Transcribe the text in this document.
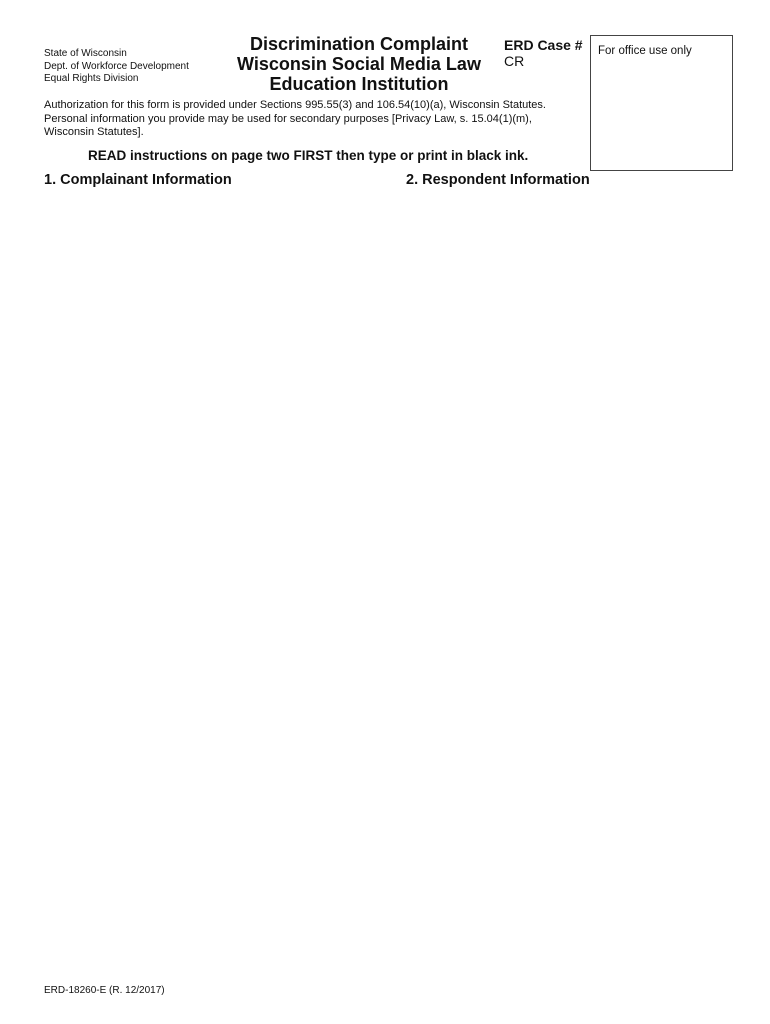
State of Wisconsin
Dept. of Workforce Development
Equal Rights Division
Discrimination Complaint
Wisconsin Social Media Law
Education Institution
ERD Case #
CR
For office use only
Authorization for this form is provided under Sections 995.55(3) and 106.54(10)(a), Wisconsin Statutes.
Personal information you provide may be used for secondary purposes [Privacy Law, s. 15.04(1)(m),
Wisconsin Statutes].
READ instructions on page two FIRST then type or print in black ink.
1. Complainant Information	2. Respondent Information
ERD-18260-E (R. 12/2017)
